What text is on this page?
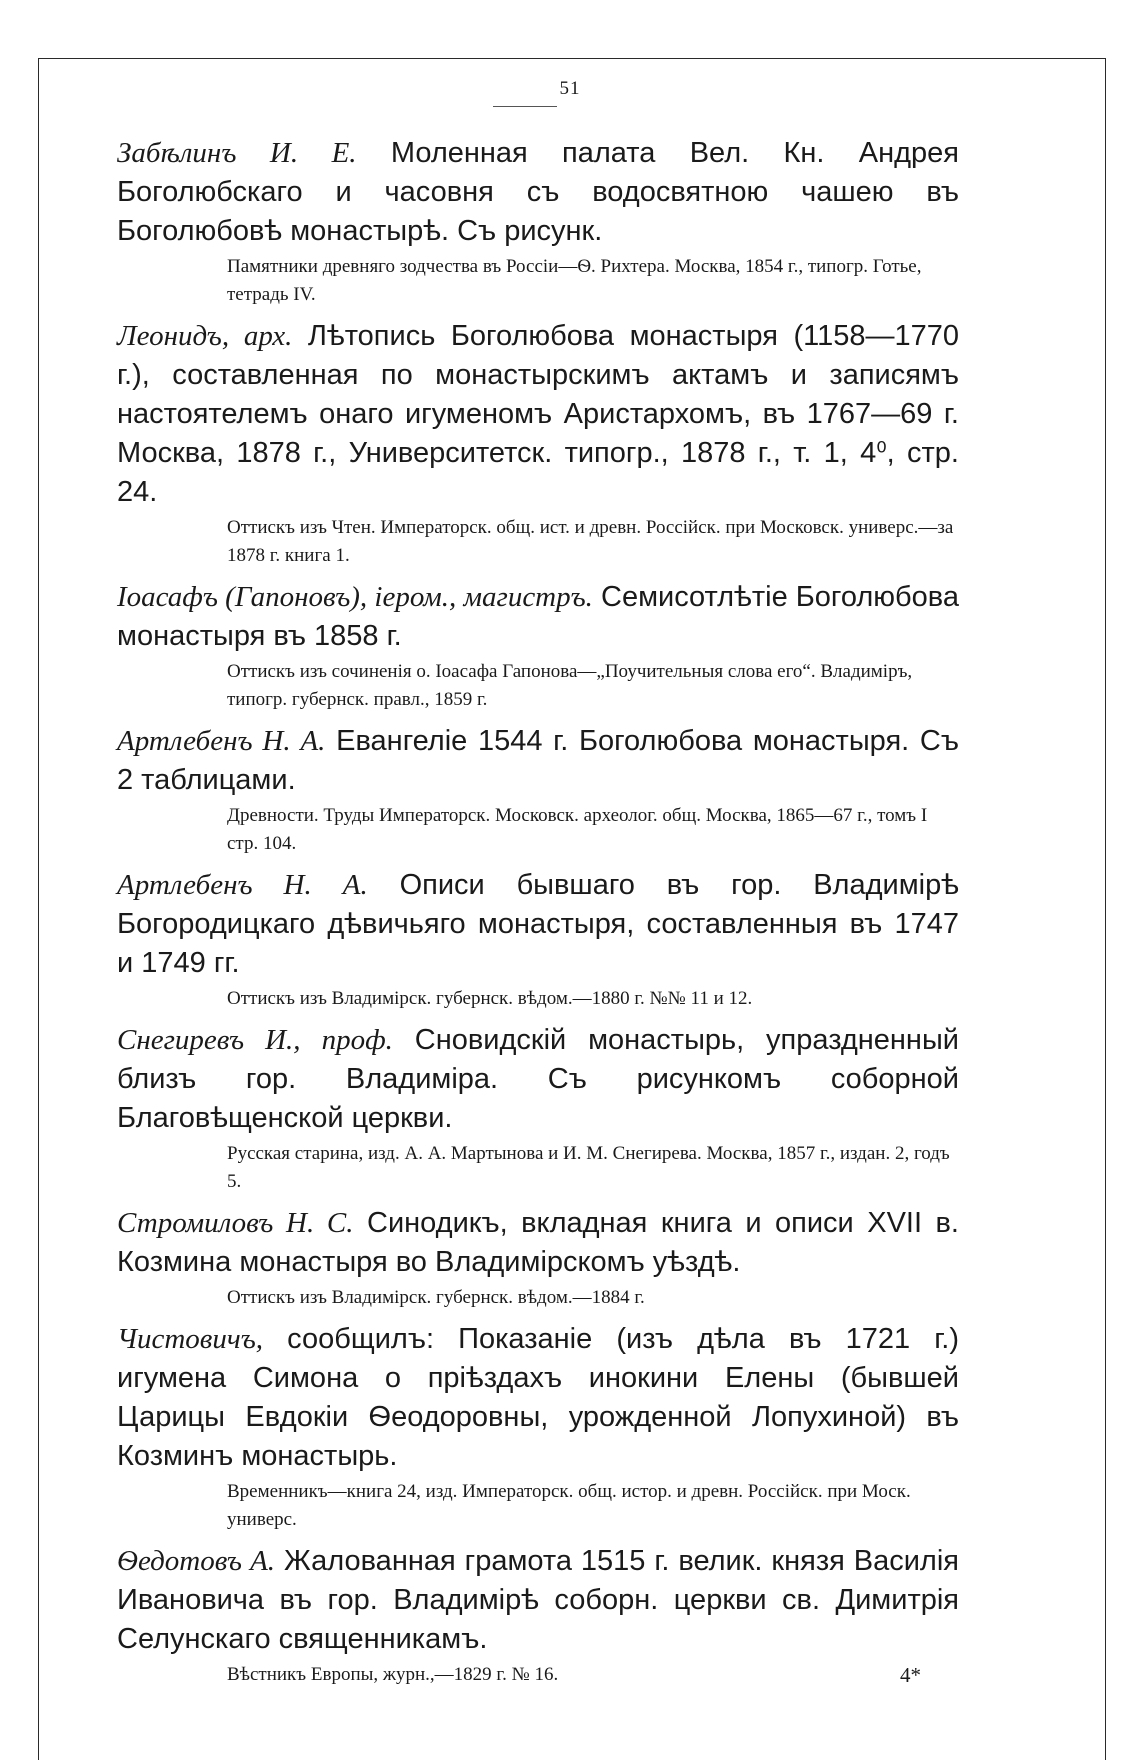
51
Забѣлинъ И. Е. Моленная палата Вел. Кн. Андрея Боголюбскаго и часовня съ водосвятною чашею въ Боголюбовѣ монастырѣ. Съ рисунк.
Памятники древняго зодчества въ Россіи—Ѳ. Рихтера. Москва, 1854 г., типогр. Готье, тетрадь IV.
Леонидъ, арх. Лѣтопись Боголюбова монастыря (1158—1770 г.), составленная по монастырскимъ актамъ и записямъ настоятелемъ онаго игуменомъ Аристархомъ, въ 1767—69 г. Москва, 1878 г., Университетск. типогр., 1878 г., т. 1, 4⁰, стр. 24.
Оттискъ изъ Чтен. Императорск. общ. ист. и древн. Россійск. при Московск. универс.—за 1878 г. книга 1.
Іоасафъ (Гапоновъ), іером., магистръ. Семисотлѣтіе Боголюбова монастыря въ 1858 г.
Оттискъ изъ сочиненія о. Іоасафа Гапонова—„Поучительныя слова его“. Владиміръ, типогр. губернск. правл., 1859 г.
Артлебенъ Н. А. Евангеліе 1544 г. Боголюбова монастыря. Съ 2 таблицами.
Древности. Труды Императорск. Московск. археолог. общ. Москва, 1865—67 г., томъ I стр. 104.
Артлебенъ Н. А. Описи бывшаго въ гор. Владимірѣ Богородицкаго дѣвичьяго монастыря, составленныя въ 1747 и 1749 гг.
Оттискъ изъ Владимірск. губернск. вѣдом.—1880 г. №№ 11 и 12.
Снегиревъ И., проф. Сновидскій монастырь, упраздненный близъ гор. Владиміра. Съ рисункомъ соборной Благовѣщенской церкви.
Русская старина, изд. А. А. Мартынова и И. М. Снегирева. Москва, 1857 г., издан. 2, годъ 5.
Стромиловъ Н. С. Синодикъ, вкладная книга и описи XVII в. Козмина монастыря во Владимірскомъ уѣздѣ.
Оттискъ изъ Владимірск. губернск. вѣдом.—1884 г.
Чистовичъ, сообщилъ: Показаніе (изъ дѣла въ 1721 г.) игумена Симона о пріѣздахъ инокини Елены (бывшей Царицы Евдокіи Ѳеодоровны, урожденной Лопухиной) въ Козминъ монастырь.
Временникъ—книга 24, изд. Императорск. общ. истор. и древн. Россійск. при Моск. универс.
Ѳедотовъ А. Жалованная грамота 1515 г. велик. князя Василія Ивановича въ гор. Владимірѣ соборн. церкви св. Димитрія Селунскаго священникамъ.
Вѣстникъ Европы, журн.,—1829 г. № 16.	4*
